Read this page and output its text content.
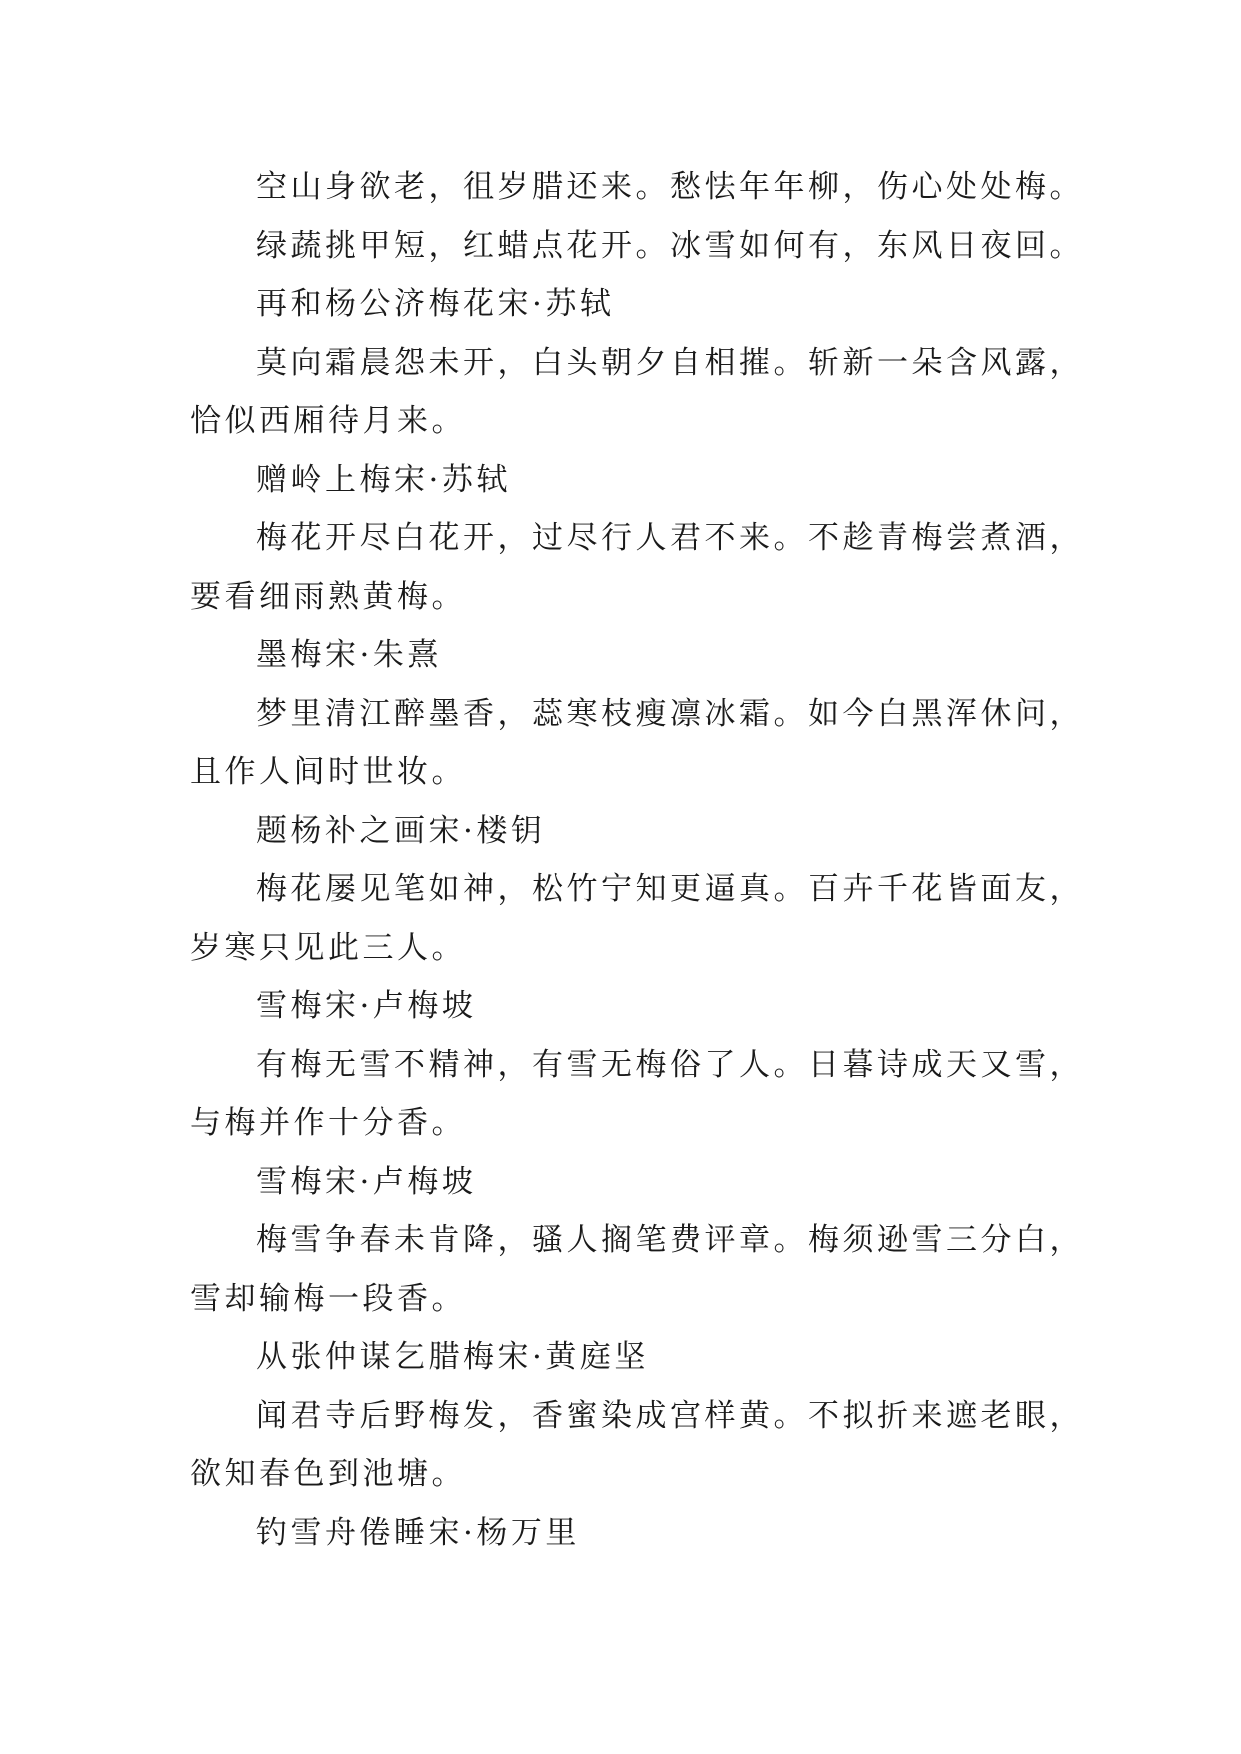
空山身欲老，徂岁腊还来。愁怯年年柳，伤心处处梅。
绿蔬挑甲短，红蜡点花开。冰雪如何有，东风日夜回。
再和杨公济梅花宋·苏轼
莫向霜晨怨未开，白头朝夕自相摧。斩新一朵含风露，
恰似西厢待月来。
赠岭上梅宋·苏轼
梅花开尽白花开，过尽行人君不来。不趁青梅尝煮酒，
要看细雨熟黄梅。
墨梅宋·朱熹
梦里清江醉墨香，蕊寒枝瘦凛冰霜。如今白黑浑休问，
且作人间时世妆。
题杨补之画宋·楼钥
梅花屡见笔如神，松竹宁知更逼真。百卉千花皆面友，
岁寒只见此三人。
雪梅宋·卢梅坡
有梅无雪不精神，有雪无梅俗了人。日暮诗成天又雪，
与梅并作十分香。
雪梅宋·卢梅坡
梅雪争春未肯降，骚人搁笔费评章。梅须逊雪三分白，
雪却输梅一段香。
从张仲谋乞腊梅宋·黄庭坚
闻君寺后野梅发，香蜜染成宫样黄。不拟折来遮老眼，
欲知春色到池塘。
钓雪舟倦睡宋·杨万里
